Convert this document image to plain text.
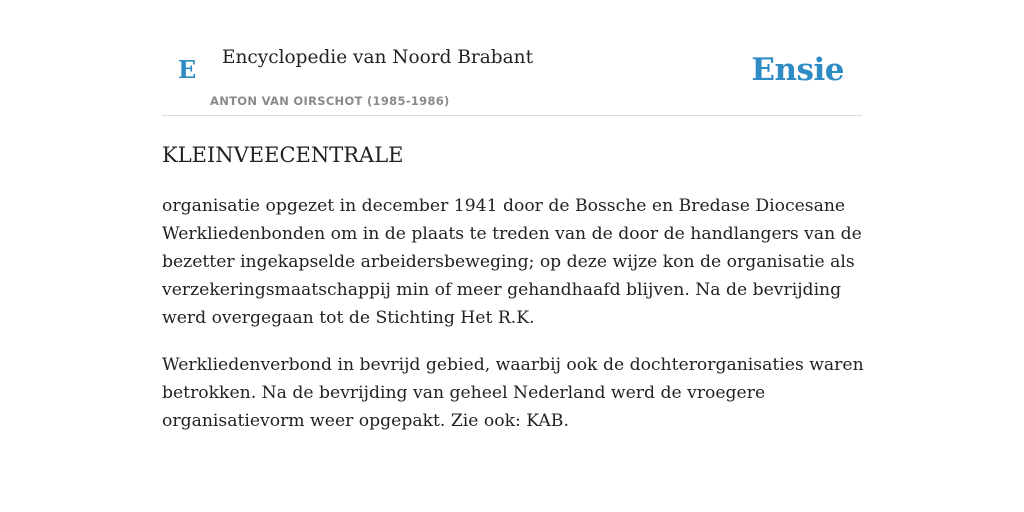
E Encyclopedie van Noord Brabant
ANTON VAN OIRSCHOT (1985-1986)
Ensie
KLEINVEECENTRALE

organisatie opgezet in december 1941 door de Bossche en Bredase Diocesane Werkliedenbonden om in de plaats te treden van de door de handlangers van de bezetter ingekapselde arbeidersbeweging; op deze wijze kon de organisatie als verzekeringsmaatschappij min of meer gehandhaafd blijven. Na de bevrijding werd overgegaan tot de Stichting Het R.K.

Werkliedenverbond in bevrijd gebied, waarbij ook de dochterorganisaties waren betrokken. Na de bevrijding van geheel Nederland werd de vroegere organisatievorm weer opgepakt. Zie ook: KAB.
